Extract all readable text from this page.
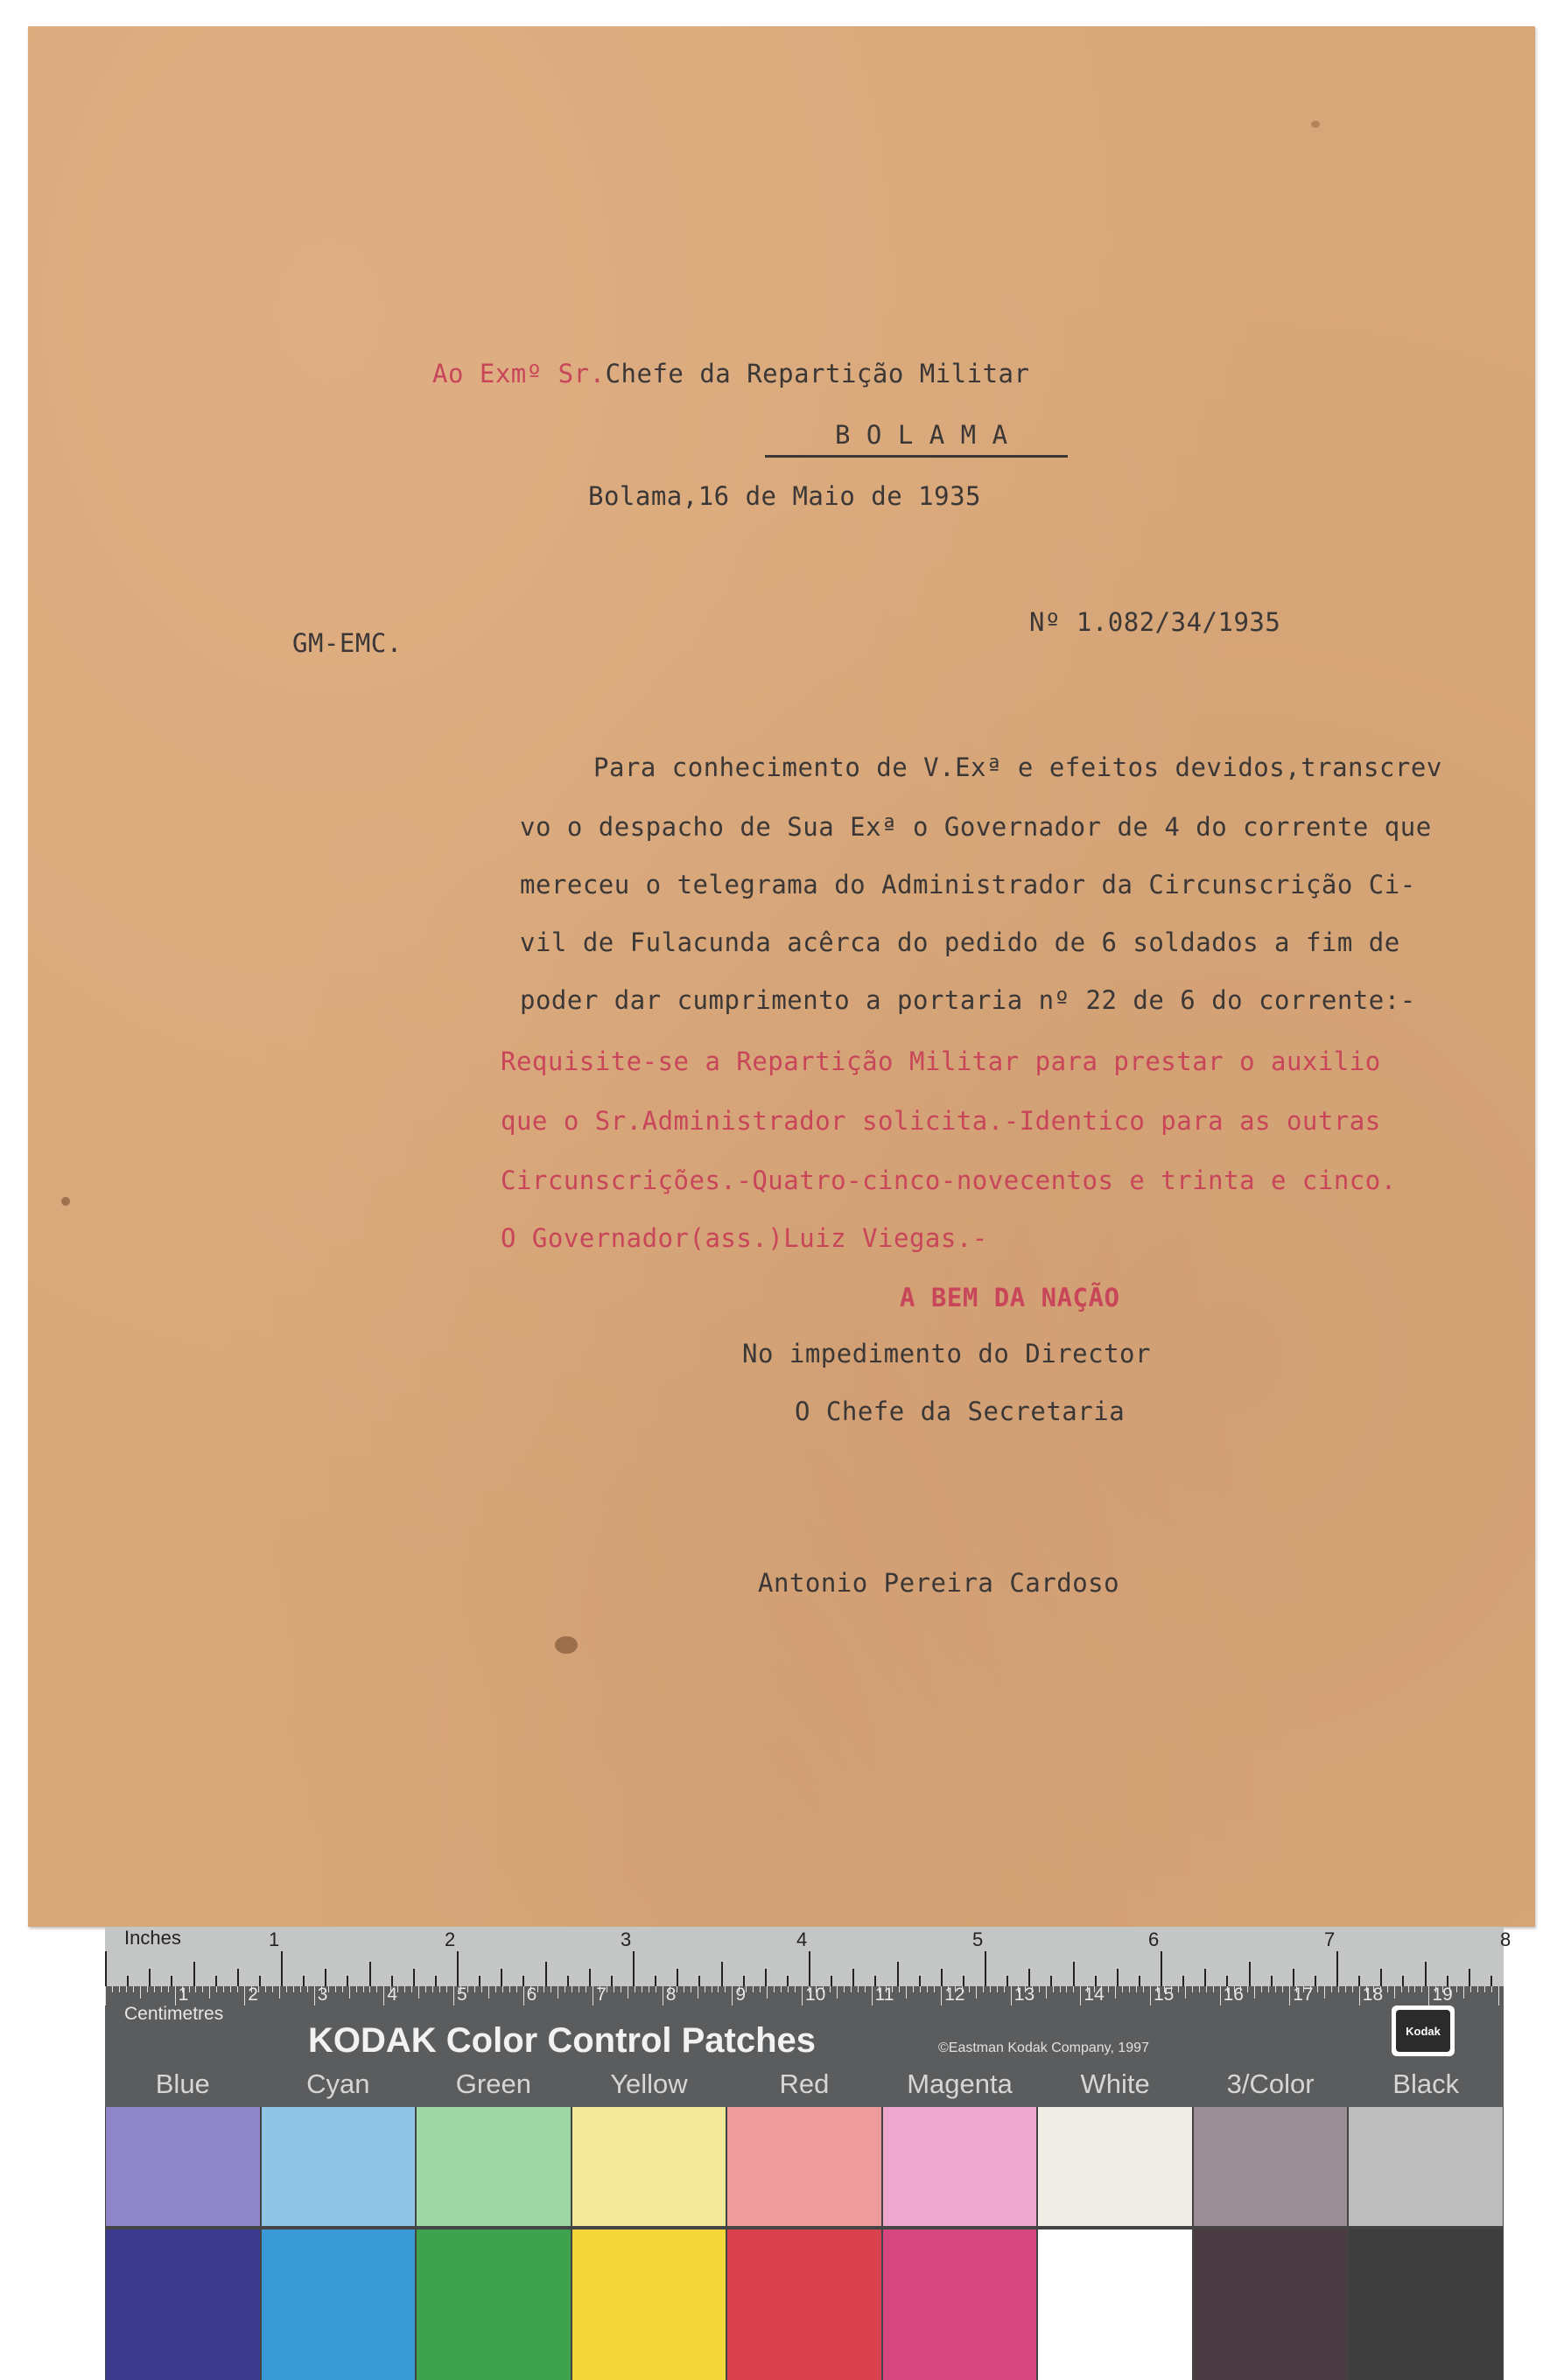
Ao Exmº Sr.Chefe da Repartição Militar
B O L A M A
Bolama,16 de Maio de 1935
GM-EMC.
Nº 1.082/34/1935
Para conhecimento de V.Exª e efeitos devidos,transcrev
vo o despacho de Sua Exª o Governador de 4 do corrente que
mereceu o telegrama do Administrador da Circunscrição Ci-
vil de Fulacunda acêrca do pedido de 6 soldados a fim de
poder dar cumprimento a portaria nº 22 de 6 do corrente:-
Requisite-se a Repartição Militar para prestar o auxilio
que o Sr.Administrador solicita.-Identico para as outras
Circunscrições.-Quatro-cinco-novecentos e trinta e cinco.
O Governador(ass.)Luiz Viegas.-
A BEM DA NAÇÃO
No impedimento do Director
O Chefe da Secretaria
Antonio Pereira Cardoso
Inches	1	2	3	4	5	6	7	8
1	2	3	4	5	6	7	8	9	10	11	12	13	14	15	16	17	18	19
Centimetres
KODAK Color Control Patches	©Eastman Kodak Company, 1997
Kodak
Blue	Cyan	Green	Yellow	Red	Magenta	White	3/Color	Black
